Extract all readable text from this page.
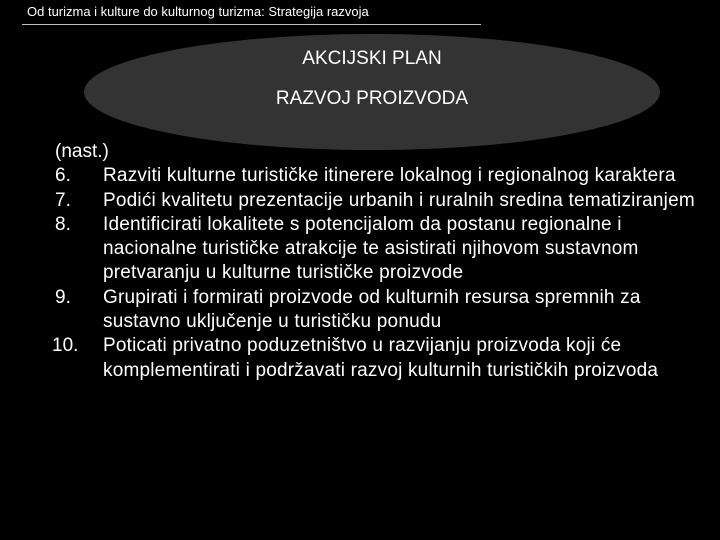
Od turizma i kulture do kulturnog turizma: Strategija razvoja
AKCIJSKI PLAN
RAZVOJ PROIZVODA
(nast.)
6. Razviti kulturne turističke itinerere lokalnog i regionalnog karaktera
7. Podići kvalitetu prezentacije urbanih i ruralnih sredina tematiziranjem
8. Identificirati lokalitete s potencijalom da postanu regionalne i nacionalne turističke atrakcije te asistirati njihovom sustavnom pretvaranju u kulturne turističke proizvode
9. Grupirati i formirati proizvode od kulturnih resursa spremnih za sustavno uključenje u turističku ponudu
10. Poticati privatno poduzetništvo u razvijanju proizvoda koji će komplementirati i podržavati razvoj kulturnih turističkih proizvoda
